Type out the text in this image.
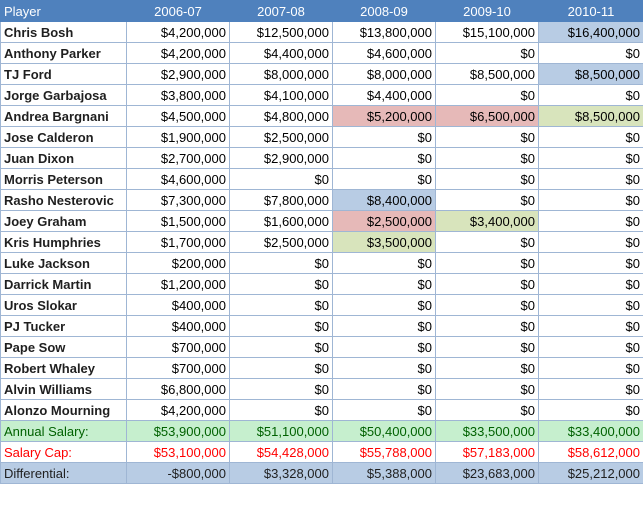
Player	2006-07	2007-08	2008-09	2009-10	2010-11
Chris Bosh	$4,200,000	$12,500,000	$13,800,000	$15,100,000	$16,400,000
Anthony Parker	$4,200,000	$4,400,000	$4,600,000	$0	$0
TJ Ford	$2,900,000	$8,000,000	$8,000,000	$8,500,000	$8,500,000
Jorge Garbajosa	$3,800,000	$4,100,000	$4,400,000	$0	$0
Andrea Bargnani	$4,500,000	$4,800,000	$5,200,000	$6,500,000	$8,500,000
Jose Calderon	$1,900,000	$2,500,000	$0	$0	$0
Juan Dixon	$2,700,000	$2,900,000	$0	$0	$0
Morris Peterson	$4,600,000	$0	$0	$0	$0
Rasho Nesterovic	$7,300,000	$7,800,000	$8,400,000	$0	$0
Joey Graham	$1,500,000	$1,600,000	$2,500,000	$3,400,000	$0
Kris Humphries	$1,700,000	$2,500,000	$3,500,000	$0	$0
Luke Jackson	$200,000	$0	$0	$0	$0
Darrick Martin	$1,200,000	$0	$0	$0	$0
Uros Slokar	$400,000	$0	$0	$0	$0
PJ Tucker	$400,000	$0	$0	$0	$0
Pape Sow	$700,000	$0	$0	$0	$0
Robert Whaley	$700,000	$0	$0	$0	$0
Alvin Williams	$6,800,000	$0	$0	$0	$0
Alonzo Mourning	$4,200,000	$0	$0	$0	$0
Annual Salary:	$53,900,000	$51,100,000	$50,400,000	$33,500,000	$33,400,000
Salary Cap:	$53,100,000	$54,428,000	$55,788,000	$57,183,000	$58,612,000
Differential:	-$800,000	$3,328,000	$5,388,000	$23,683,000	$25,212,000
